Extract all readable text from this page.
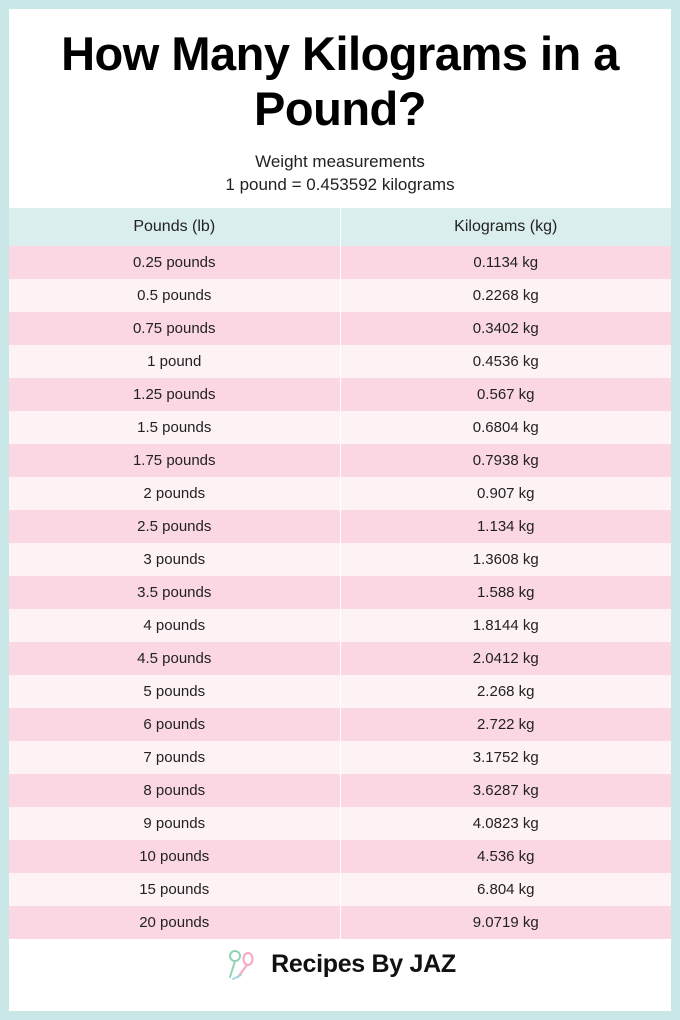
How Many Kilograms in a Pound?
Weight measurements
1 pound = 0.453592 kilograms
Pounds (lb)	Kilograms (kg)
0.25 pounds	0.1134 kg
0.5 pounds	0.2268 kg
0.75 pounds	0.3402 kg
1 pound	0.4536 kg
1.25 pounds	0.567 kg
1.5 pounds	0.6804 kg
1.75 pounds	0.7938 kg
2 pounds	0.907 kg
2.5 pounds	1.134 kg
3 pounds	1.3608 kg
3.5 pounds	1.588 kg
4 pounds	1.8144 kg
4.5 pounds	2.0412 kg
5 pounds	2.268 kg
6 pounds	2.722 kg
7 pounds	3.1752 kg
8 pounds	3.6287 kg
9 pounds	4.0823 kg
10 pounds	4.536 kg
15 pounds	6.804 kg
20 pounds	9.0719 kg
Recipes By JAZ
